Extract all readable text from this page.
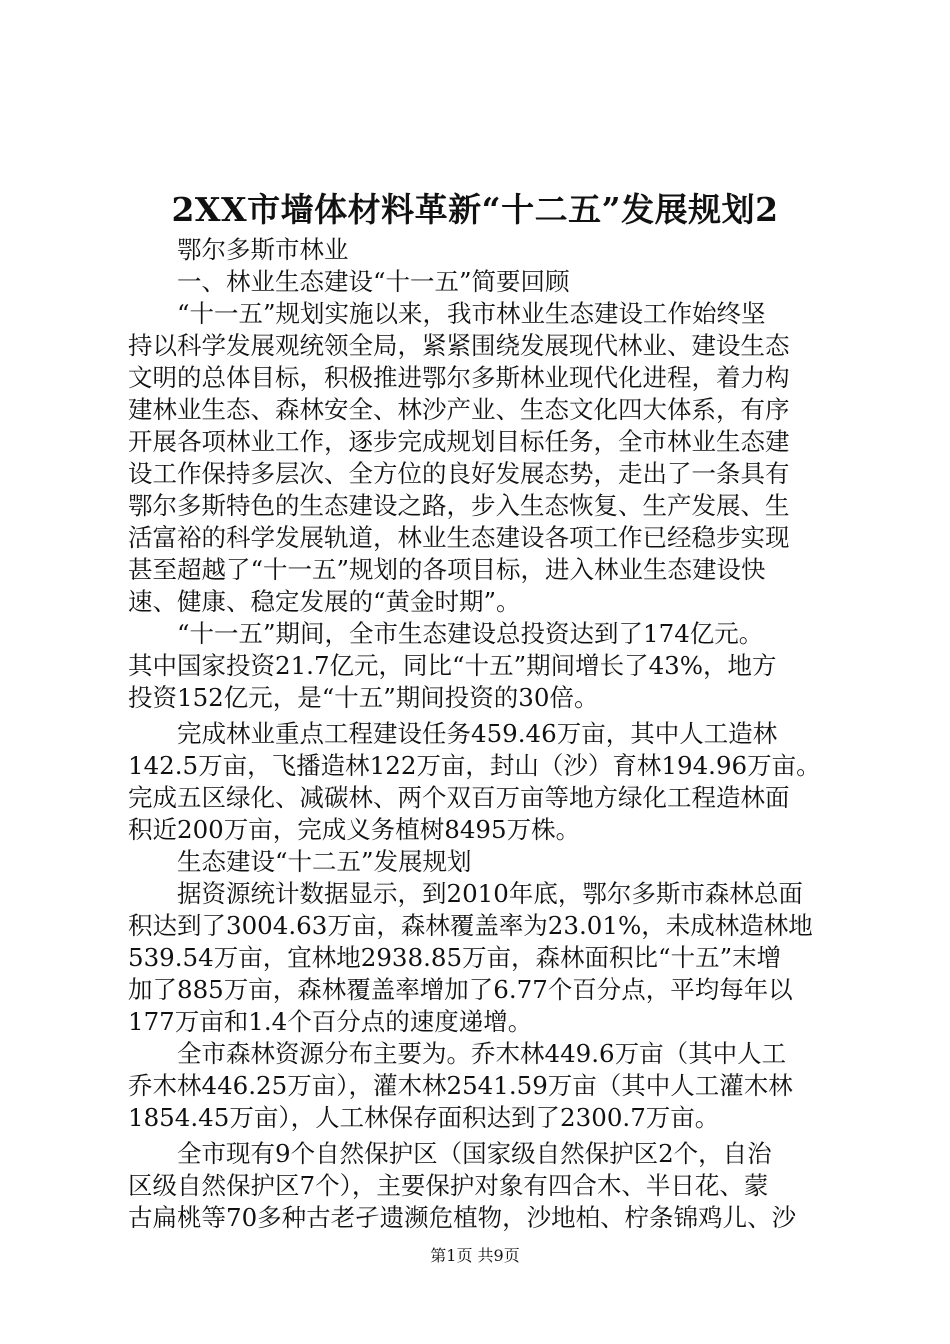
2XX市墙体材料革新“十二五”发展规划2
　　鄂尔多斯市林业
　　一、林业生态建设“十一五”简要回顾
　　“十一五”规划实施以来，我市林业生态建设工作始终坚
持以科学发展观统领全局，紧紧围绕发展现代林业、建设生态
文明的总体目标，积极推进鄂尔多斯林业现代化进程，着力构
建林业生态、森林安全、林沙产业、生态文化四大体系，有序
开展各项林业工作，逐步完成规划目标任务，全市林业生态建
设工作保持多层次、全方位的良好发展态势，走出了一条具有
鄂尔多斯特色的生态建设之路，步入生态恢复、生产发展、生
活富裕的科学发展轨道，林业生态建设各项工作已经稳步实现
甚至超越了“十一五”规划的各项目标，进入林业生态建设快
速、健康、稳定发展的“黄金时期”。
　　“十一五”期间，全市生态建设总投资达到了174亿元。
其中国家投资21.7亿元，同比“十五”期间增长了43%，地方
投资152亿元，是“十五”期间投资的30倍。
　　完成林业重点工程建设任务459.46万亩，其中人工造林
142.5万亩，飞播造林122万亩，封山（沙）育林194.96万亩。
完成五区绿化、减碳林、两个双百万亩等地方绿化工程造林面
积近200万亩，完成义务植树8495万株。
　　生态建设“十二五”发展规划
　　据资源统计数据显示，到2010年底，鄂尔多斯市森林总面
积达到了3004.63万亩，森林覆盖率为23.01%，未成林造林地
539.54万亩，宜林地2938.85万亩，森林面积比“十五”末增
加了885万亩，森林覆盖率增加了6.77个百分点，平均每年以
177万亩和1.4个百分点的速度递增。
　　全市森林资源分布主要为。乔木林449.6万亩（其中人工
乔木林446.25万亩），灌木林2541.59万亩（其中人工灌木林
1854.45万亩），人工林保存面积达到了2300.7万亩。
　　全市现有9个自然保护区（国家级自然保护区2个，自治
区级自然保护区7个），主要保护对象有四合木、半日花、蒙
古扁桃等70多种古老孑遗濒危植物，沙地柏、柠条锦鸡儿、沙
第1页 共9页
